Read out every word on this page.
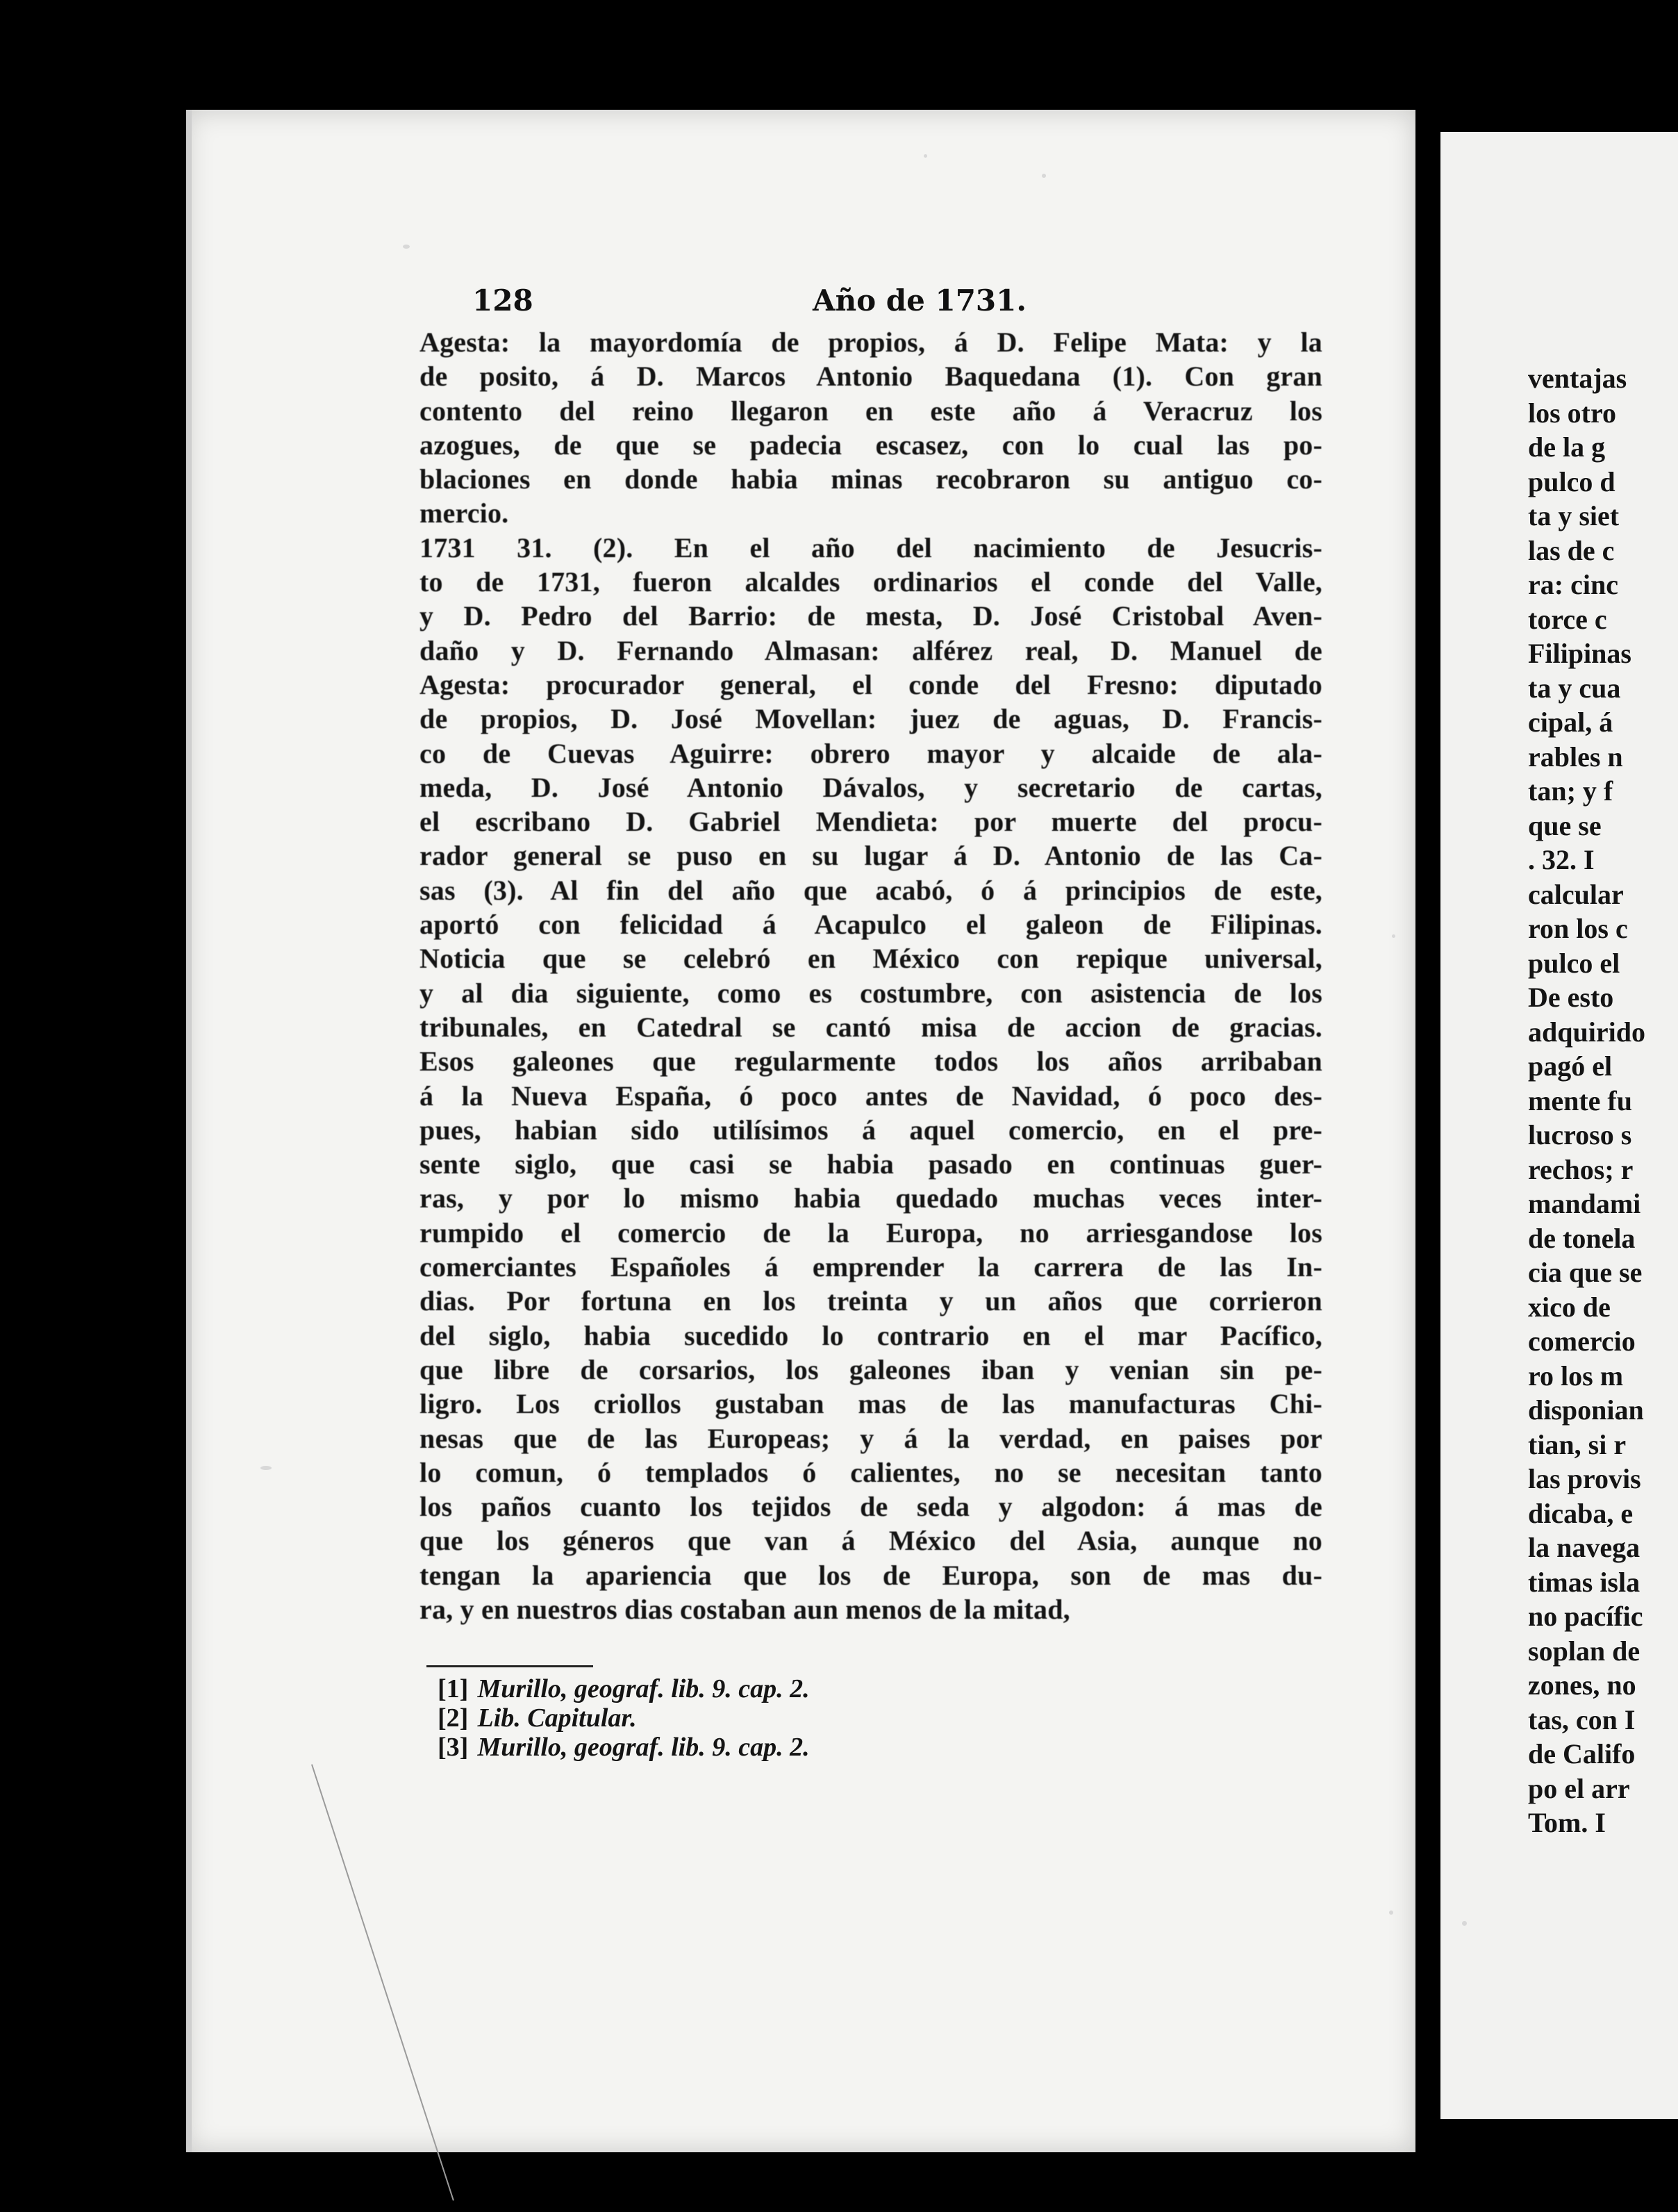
128	Año de 1731.
Agesta: la mayordomía de propios, á D. Felipe Mata: y la
de posito, á D. Marcos Antonio Baquedana (1). Con gran
contento del reino llegaron en este año á Veracruz los
azogues, de que se padecia escasez, con lo cual las po-
blaciones en donde habia minas recobraron su antiguo co-
mercio.
1731 31. (2). En el año del nacimiento de Jesucris-
to de 1731, fueron alcaldes ordinarios el conde del Valle,
y D. Pedro del Barrio: de mesta, D. José Cristobal Aven-
daño y D. Fernando Almasan: alférez real, D. Manuel de
Agesta: procurador general, el conde del Fresno: diputado
de propios, D. José Movellan: juez de aguas, D. Francis-
co de Cuevas Aguirre: obrero mayor y alcaide de ala-
meda, D. José Antonio Dávalos, y secretario de cartas,
el escribano D. Gabriel Mendieta: por muerte del procu-
rador general se puso en su lugar á D. Antonio de las Ca-
sas (3). Al fin del año que acabó, ó á principios de este,
aportó con felicidad á Acapulco el galeon de Filipinas.
Noticia que se celebró en México con repique universal,
y al dia siguiente, como es costumbre, con asistencia de los
tribunales, en Catedral se cantó misa de accion de gracias.
Esos galeones que regularmente todos los años arribaban
á la Nueva España, ó poco antes de Navidad, ó poco des-
pues, habian sido utilísimos á aquel comercio, en el pre-
sente siglo, que casi se habia pasado en continuas guer-
ras, y por lo mismo habia quedado muchas veces inter-
rumpido el comercio de la Europa, no arriesgandose los
comerciantes Españoles á emprender la carrera de las In-
dias. Por fortuna en los treinta y un años que corrieron
del siglo, habia sucedido lo contrario en el mar Pacífico,
que libre de corsarios, los galeones iban y venian sin pe-
ligro. Los criollos gustaban mas de las manufacturas Chi-
nesas que de las Europeas; y á la verdad, en paises por
lo comun, ó templados ó calientes, no se necesitan tanto
los paños cuanto los tejidos de seda y algodon: á mas de
que los géneros que van á México del Asia, aunque no
tengan la apariencia que los de Europa, son de mas du-
ra, y en nuestros dias costaban aun menos de la mitad,
[1] Murillo, geograf. lib. 9. cap. 2.
[2] Lib. Capitular.
[3] Murillo, geograf. lib. 9. cap. 2.
ventajas
los otro
de la g
pulco d
ta y siet
las de c
ra: cinc
torce c
Filipinas
ta y cua
cipal, á
rables n
tan; y f
que se
. 32. I
calcular
ron los c
pulco el
De esto
adquirido
pagó el
mente fu
lucroso s
rechos; r
mandami
de tonela
cia que se
xico de
comercio
ro los m
disponian
tian, si r
las provis
dicaba, e
la navega
timas isla
no pacífic
soplan de
zones, no
tas, con I
de Califo
po el arr
Tom. I
